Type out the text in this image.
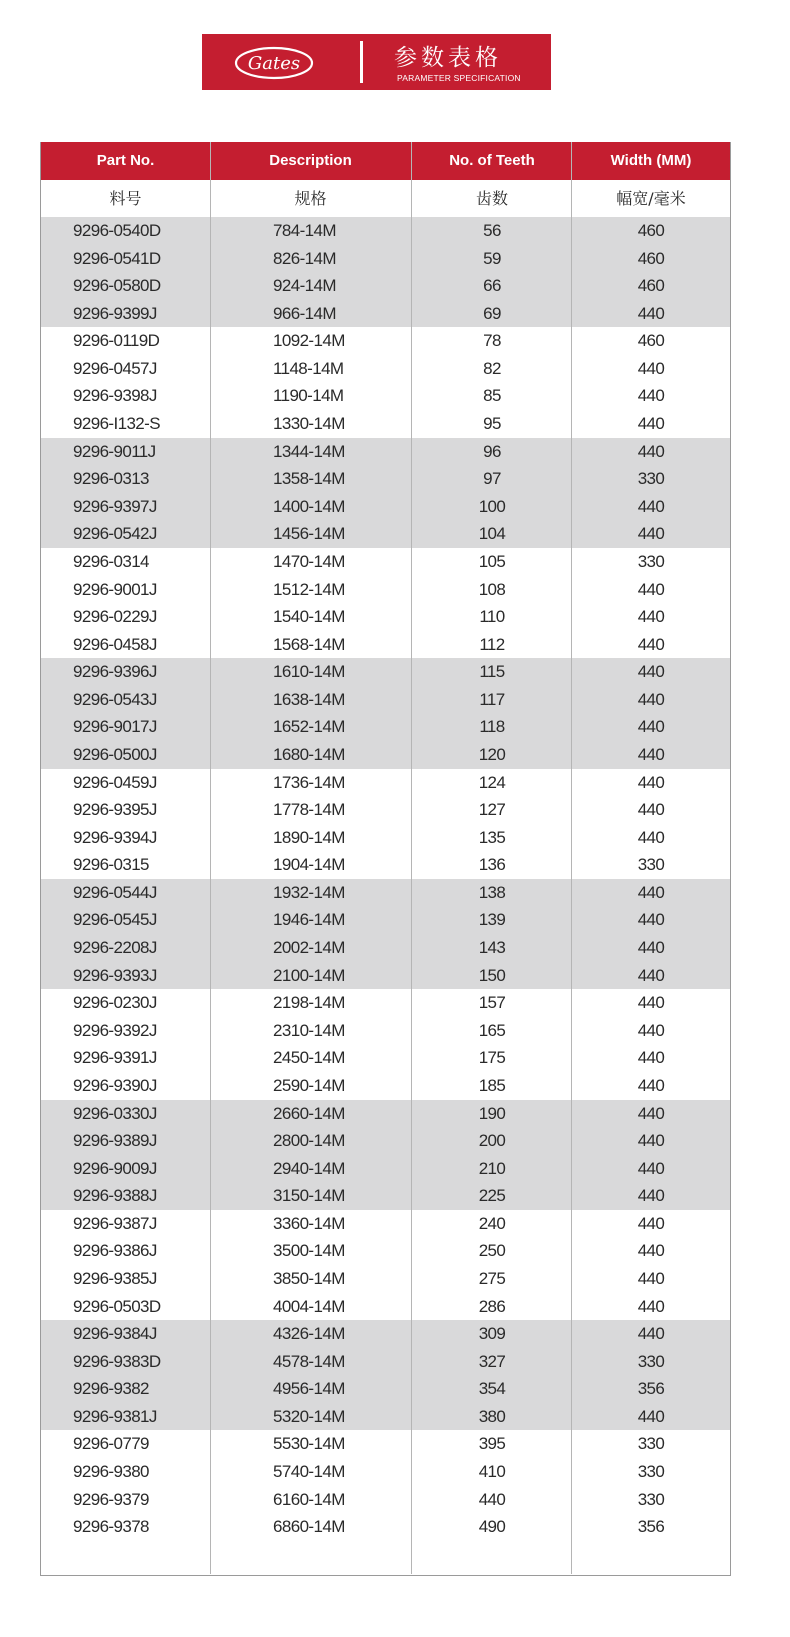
Gates	参数表格
PARAMETER SPECIFICATION
Part No.	Description	No. of Teeth	Width (MM)
料号	规格	齿数	幅宽/毫米
9296-0540D	784-14M	56	460
9296-0541D	826-14M	59	460
9296-0580D	924-14M	66	460
9296-9399J	966-14M	69	440
9296-0119D	1092-14M	78	460
9296-0457J	1148-14M	82	440
9296-9398J	1190-14M	85	440
9296-I132-S	1330-14M	95	440
9296-9011J	1344-14M	96	440
9296-0313	1358-14M	97	330
9296-9397J	1400-14M	100	440
9296-0542J	1456-14M	104	440
9296-0314	1470-14M	105	330
9296-9001J	1512-14M	108	440
9296-0229J	1540-14M	110	440
9296-0458J	1568-14M	112	440
9296-9396J	1610-14M	115	440
9296-0543J	1638-14M	117	440
9296-9017J	1652-14M	118	440
9296-0500J	1680-14M	120	440
9296-0459J	1736-14M	124	440
9296-9395J	1778-14M	127	440
9296-9394J	1890-14M	135	440
9296-0315	1904-14M	136	330
9296-0544J	1932-14M	138	440
9296-0545J	1946-14M	139	440
9296-2208J	2002-14M	143	440
9296-9393J	2100-14M	150	440
9296-0230J	2198-14M	157	440
9296-9392J	2310-14M	165	440
9296-9391J	2450-14M	175	440
9296-9390J	2590-14M	185	440
9296-0330J	2660-14M	190	440
9296-9389J	2800-14M	200	440
9296-9009J	2940-14M	210	440
9296-9388J	3150-14M	225	440
9296-9387J	3360-14M	240	440
9296-9386J	3500-14M	250	440
9296-9385J	3850-14M	275	440
9296-0503D	4004-14M	286	440
9296-9384J	4326-14M	309	440
9296-9383D	4578-14M	327	330
9296-9382	4956-14M	354	356
9296-9381J	5320-14M	380	440
9296-0779	5530-14M	395	330
9296-9380	5740-14M	410	330
9296-9379	6160-14M	440	330
9296-9378	6860-14M	490	356
